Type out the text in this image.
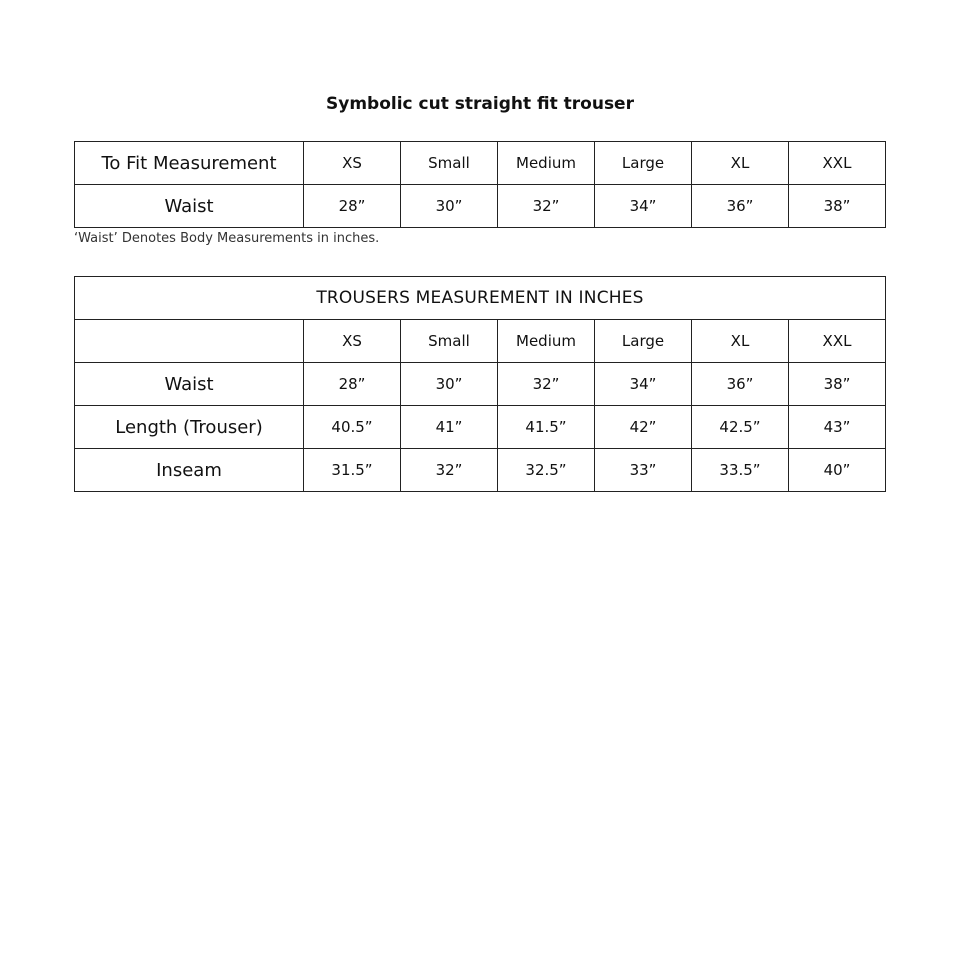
Symbolic cut straight fit trouser
To Fit Measurement	XS	Small	Medium	Large	XL	XXL
Waist	28”	30”	32”	34”	36”	38”
‘Waist’ Denotes Body Measurements in inches.
TROUSERS MEASUREMENT IN INCHES						
	XS	Small	Medium	Large	XL	XXL
Waist	28”	30”	32”	34”	36”	38”
Length (Trouser)	40.5”	41”	41.5”	42”	42.5”	43”
Inseam	31.5”	32”	32.5”	33”	33.5”	40”
